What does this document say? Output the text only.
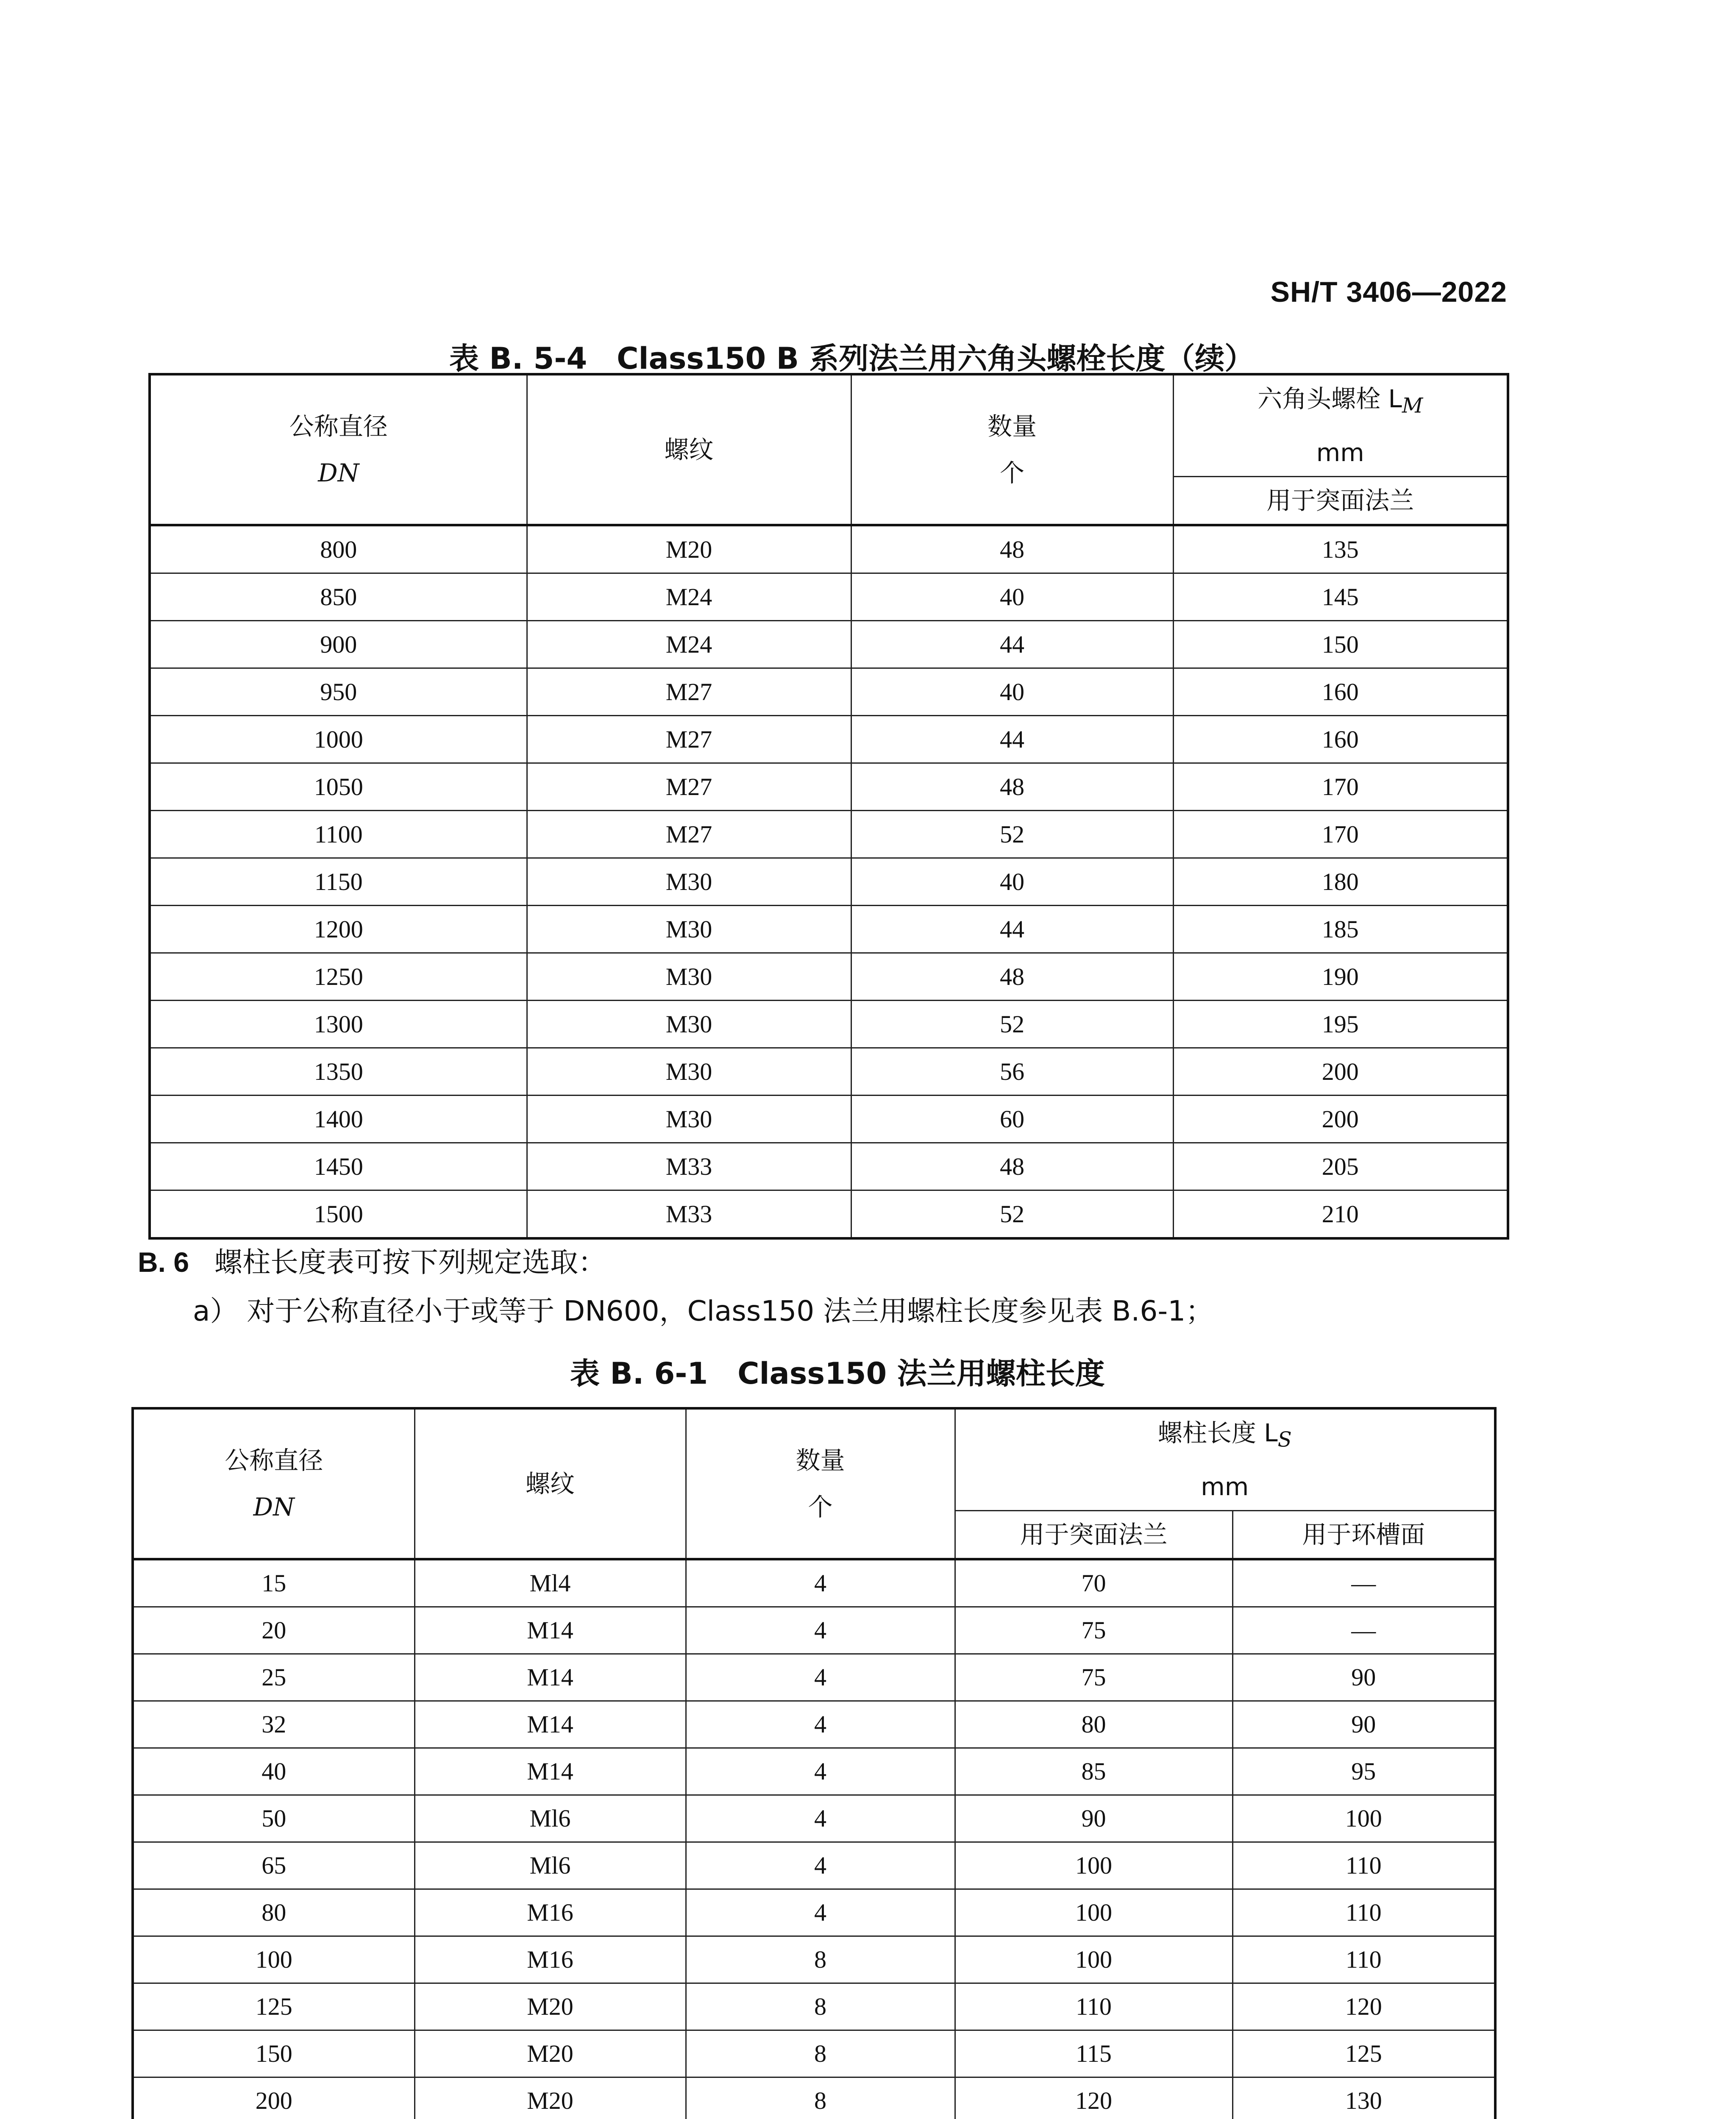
SH/T 3406—2022
表 B. 5-4　Class150 B 系列法兰用六角头螺栓长度（续）
公称直径
DN	螺纹	数量
个	六角头螺栓 $L_M$
mm

			用于突面法兰

800	M20	48	135
850	M24	40	145
900	M24	44	150
950	M27	40	160
1000	M27	44	160
1050	M27	48	170
1100	M27	52	170
1150	M30	40	180
1200	M30	44	185
1250	M30	48	190
1300	M30	52	195
1350	M30	56	200
1400	M30	60	200
1450	M33	48	205
1500	M33	52	210
B. 6 螺柱长度表可按下列规定选取：
a） 对于公称直径小于或等于 DN600，Class150 法兰用螺柱长度参见表 B.6-1；
表 B. 6-1　Class150 法兰用螺柱长度
公称直径
DN	螺纹	数量
个	螺柱长度 $L_S$
mm	

			用于突面法兰	用于环槽面

15	Ml4	4	70	—
20	M14	4	75	—
25	M14	4	75	90
32	M14	4	80	90
40	M14	4	85	95
50	Ml6	4	90	100
65	Ml6	4	100	110
80	M16	4	100	110
100	M16	8	100	110
125	M20	8	110	120
150	M20	8	115	125
200	M20	8	120	130
